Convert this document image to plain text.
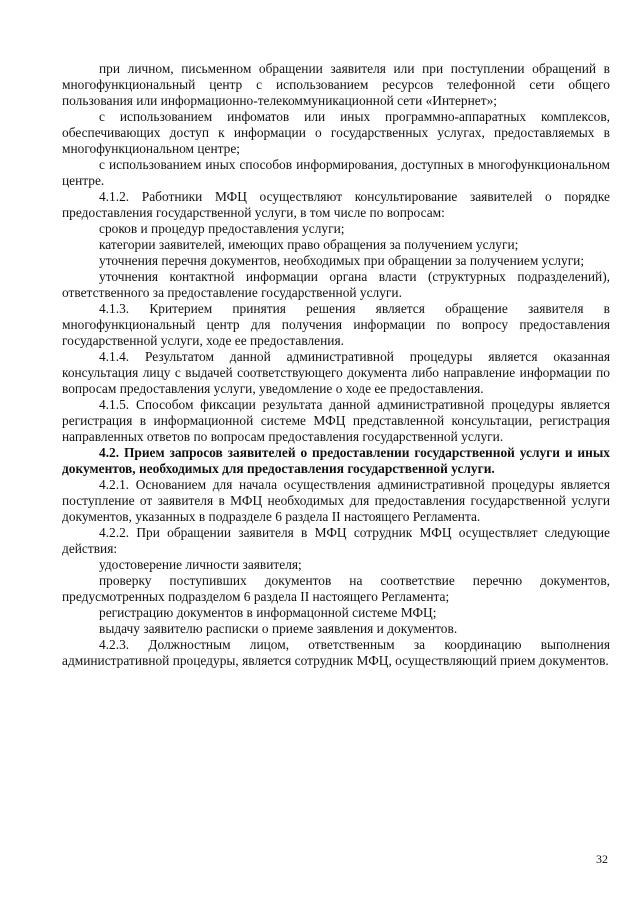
при личном, письменном обращении заявителя или при поступлении обращений в многофункциональный центр с использованием ресурсов телефонной сети общего пользования или информационно-телекоммуникационной сети «Интернет»;

с использованием инфоматов или иных программно-аппаратных комплексов, обеспечивающих доступ к информации о государственных услугах, предоставляемых в многофункциональном центре;

с использованием иных способов информирования, доступных в многофункциональном центре.

4.1.2. Работники МФЦ осуществляют консультирование заявителей о порядке предоставления государственной услуги, в том числе по вопросам:

сроков и процедур предоставления услуги;

категории заявителей, имеющих право обращения за получением услуги;

уточнения перечня документов, необходимых при обращении за получением услуги;

уточнения контактной информации органа власти (структурных подразделений), ответственного за предоставление государственной услуги.

4.1.3. Критерием принятия решения является обращение заявителя в многофункциональный центр для получения информации по вопросу предоставления государственной услуги, ходе ее предоставления.

4.1.4. Результатом данной административной процедуры является оказанная консультация лицу с выдачей соответствующего документа либо направление информации по вопросам предоставления услуги, уведомление о ходе ее предоставления.

4.1.5. Способом фиксации результата данной административной процедуры является регистрация в информационной системе МФЦ представленной консультации, регистрация направленных ответов по вопросам предоставления государственной услуги.

4.2. Прием запросов заявителей о предоставлении государственной услуги и иных документов, необходимых для предоставления государственной услуги.

4.2.1. Основанием для начала осуществления административной процедуры является поступление от заявителя в МФЦ необходимых для предоставления государственной услуги документов, указанных в подразделе 6 раздела II настоящего Регламента.

4.2.2. При обращении заявителя в МФЦ сотрудник МФЦ осуществляет следующие действия:

удостоверение личности заявителя;

проверку поступивших документов на соответствие перечню документов, предусмотренных подразделом 6 раздела II настоящего Регламента;

регистрацию документов в информацонной системе МФЦ;

выдачу заявителю расписки о приеме заявления и документов.

4.2.3. Должностным лицом, ответственным за координацию выполнения административной процедуры, является сотрудник МФЦ, осуществляющий прием документов.

32
